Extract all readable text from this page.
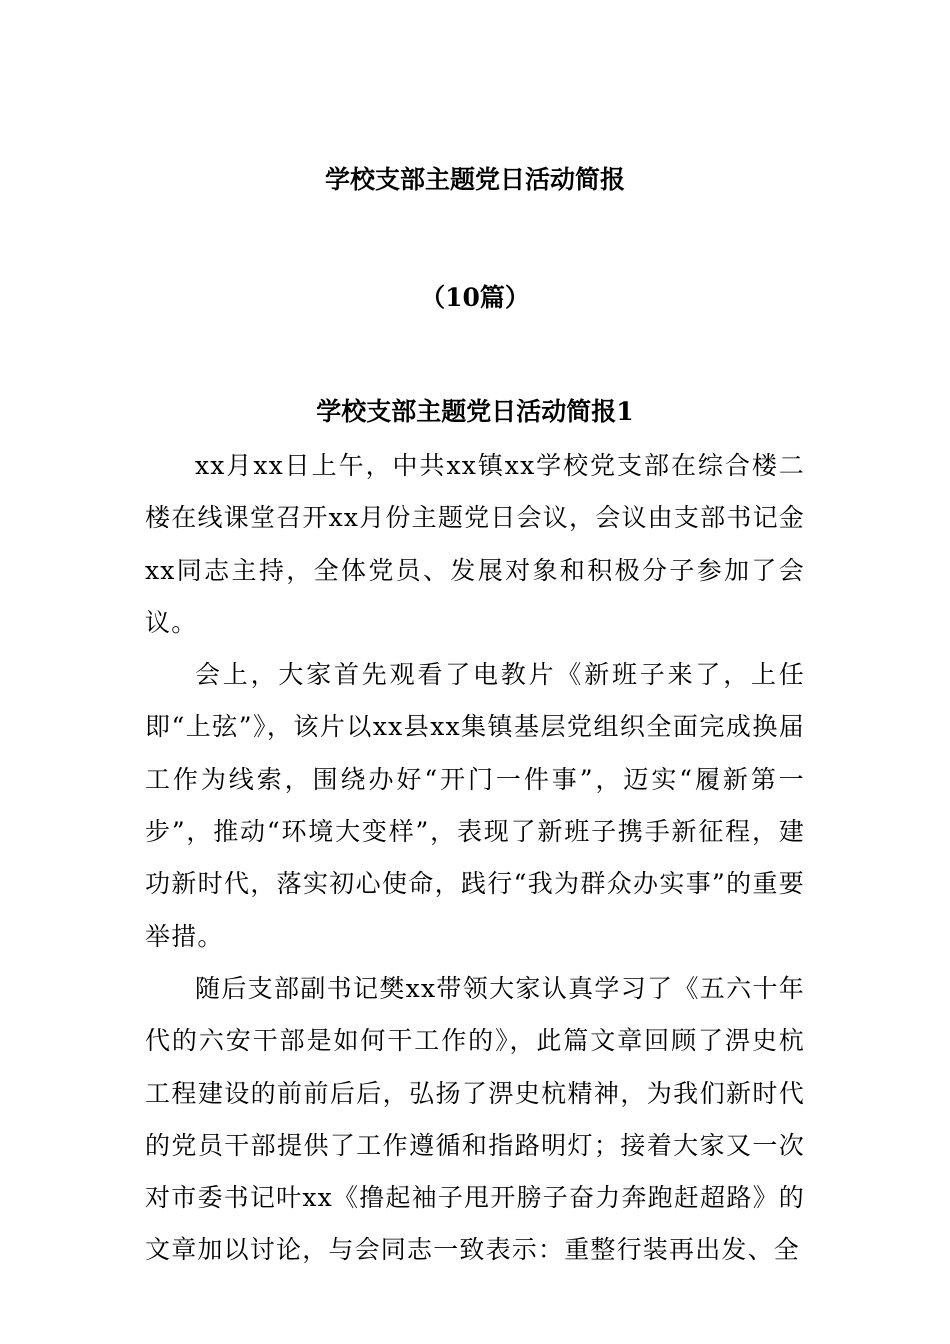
学校支部主题党日活动简报
（10篇）
学校支部主题党日活动简报1

xx月xx日上午，中共xx镇xx学校党支部在综合楼二楼在线课堂召开xx月份主题党日会议，会议由支部书记金xx同志主持，全体党员、发展对象和积极分子参加了会议。

会上，大家首先观看了电教片《新班子来了，上任即“上弦”》，该片以xx县xx集镇基层党组织全面完成换届工作为线索，围绕办好“开门一件事”，迈实“履新第一步”，推动“环境大变样”，表现了新班子携手新征程，建功新时代，落实初心使命，践行“我为群众办实事”的重要举措。

随后支部副书记樊xx带领大家认真学习了《五六十年代的六安干部是如何干工作的》，此篇文章回顾了淠史杭工程建设的前前后后，弘扬了淠史杭精神，为我们新时代的党员干部提供了工作遵循和指路明灯；接着大家又一次对市委书记叶xx《撸起袖子甩开膀子奋力奔跑赶超路》的文章加以讨论，与会同志一致表示：重整行装再出发、全
